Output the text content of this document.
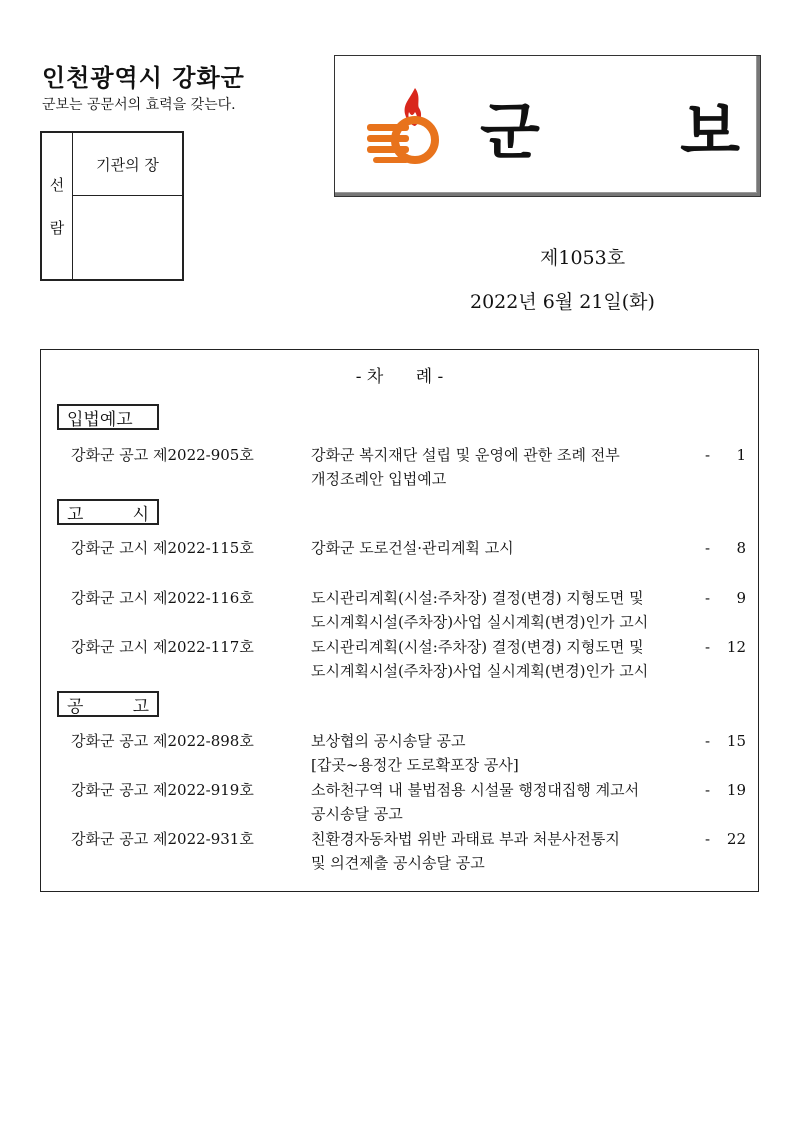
인천광역시 강화군
군보는 공문서의 효력을 갖는다.
선
람
기관의 장	군 보
제1053호
2022년 6월 21일(화)
- 차      례 -
입법예고
강화군 공고 제2022-905호	강화군 복지재단 설립 및 운영에 관한 조례 전부
개정조례안 입법예고
-	1
고	시
강화군 고시 제2022-115호	강화군 도로건설·관리계획 고시	-	8
강화군 고시 제2022-116호	도시관리계획(시설:주차장) 결정(변경) 지형도면 및
도시계획시설(주차장)사업 실시계획(변경)인가 고시
-	9
강화군 고시 제2022-117호	도시관리계획(시설:주차장) 결정(변경) 지형도면 및
도시계획시설(주차장)사업 실시계획(변경)인가 고시
-	12
공	고
강화군 공고 제2022-898호	보상협의 공시송달 공고
[갑곳~용정간 도로확포장 공사]
-	15
강화군 공고 제2022-919호	소하천구역 내 불법점용 시설물 행정대집행 계고서
공시송달 공고
-	19
강화군 공고 제2022-931호	친환경자동차법 위반 과태료 부과 처분사전통지
및 의견제출 공시송달 공고
-	22
